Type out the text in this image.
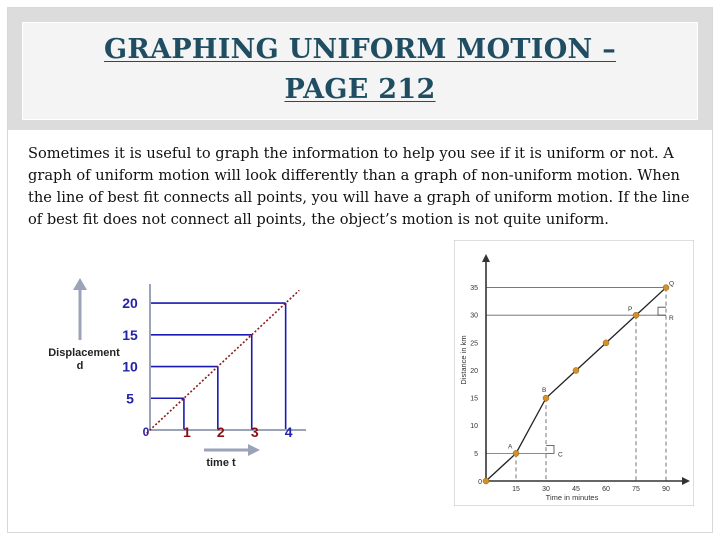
GRAPHING UNIFORM MOTION –
PAGE 212

Sometimes it is useful to graph the information to help you see if it is uniform or not. A graph of uniform motion will look differently than a graph of non-uniform motion. When the line of best fit connects all points, you will have a graph of uniform motion. If the line of best fit does not connect all points, the object’s motion is not quite uniform.

Displacement
d
time t
0
5
10
15
20
1 2 3 4
Distance in km
Time in minutes
0
5
10
15
20
25
30
35
15	30	45	60	75	90
A
B
C
P
Q
R
